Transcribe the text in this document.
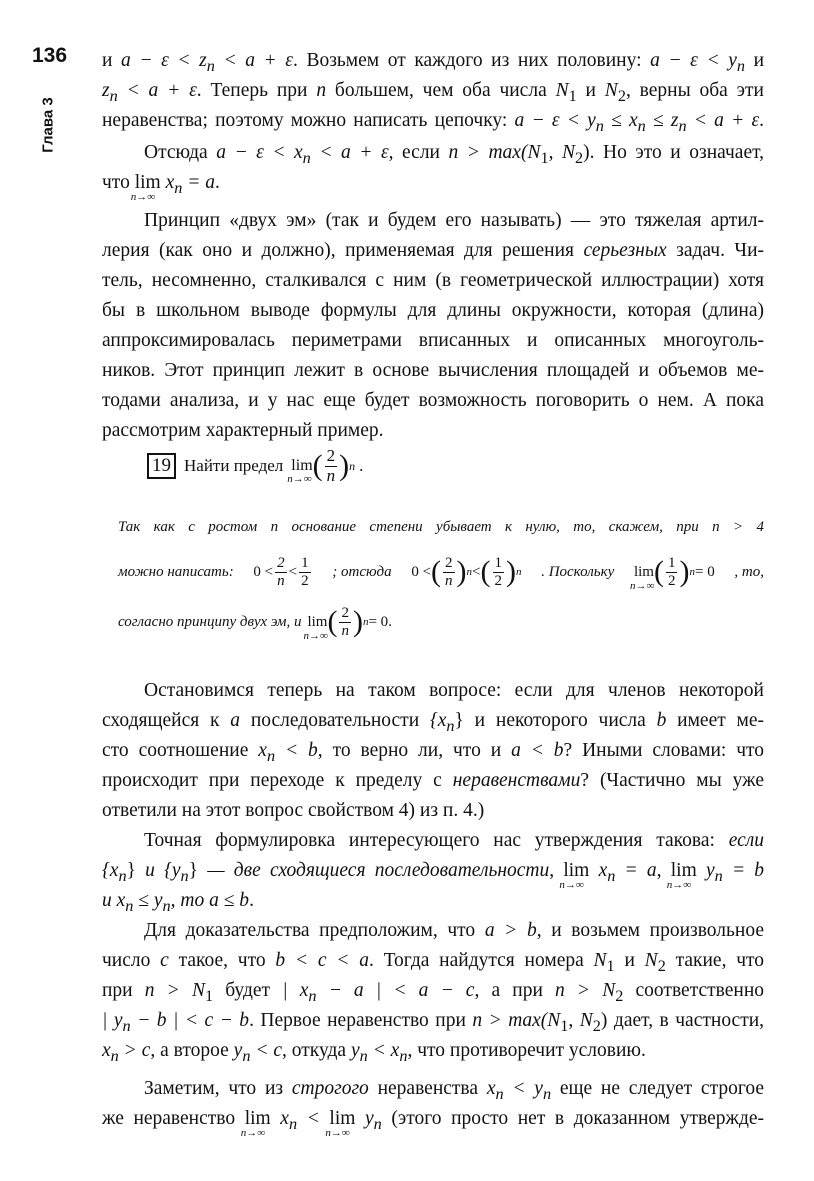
136
Глава 3
и $a - \varepsilon < z_n < a + \varepsilon$. Возьмем от каждого из них половину: $a - \varepsilon < y_n$ и
$z_n < a + \varepsilon$. Теперь при n большем, чем оба числа $N_1$ и $N_2$, верны оба эти
неравенства; поэтому можно написать цепочку: $a - \varepsilon < y_n \le x_n \le z_n < a + \varepsilon$.
Отсюда $a - \varepsilon < x_n < a + \varepsilon$, если $n > \max(N_1$, $N_2$). Но это и означает,
что lim
n→∞
$x_n = a$.
Принцип «двух эм» (так и будем его называть) — это тяжелая артил-
лерия (как оно и должно), применяемая для решения серьезных задач. Чи-
тель, несомненно, сталкивался с ним (в геометрической иллюстрации) хотя
бы в школьном выводе формулы для длины окружности, которая (длина)
аппроксимировалась периметрами вписанных и описанных многоуголь-
ников. Этот принцип лежит в основе вычисления площадей и объемов ме-
тодами анализа, и у нас еще будет возможность поговорить о нем. А пока
рассмотрим характерный пример.
19 Найти предел lim
n→∞ ( $\frac{2}{n}$ ) n .
Так как с ростом n основание степени убывает к нулю, то, скажем, при n > 4
можно написать: $0 < \frac{2}{n} < \frac{1}{2}$ ; отсюда 0 < ( $\frac{2}{n}$ ) n < ( $\frac{1}{2}$ ) n . Поскольку lim
n→∞ ( $\frac{1}{2}$ ) n = 0 , то,
согласно принципу двух эм, и lim
n→∞ ( $\frac{2}{n}$ ) n = 0 .
Остановимся теперь на таком вопросе: если для членов некоторой
сходящейся к a последовательности $\{x_n\}$ и некоторого числа b имеет ме-
сто соотношение $x_n < b$, то верно ли, что и a < b? Иными словами: что
происходит при переходе к пределу с неравенствами? (Частично мы уже
ответили на этот вопрос свойством 4) из п. 4.)
Точная формулировка интересующего нас утверждения такова: если
$\{x_n\}$ и $\{y_n\}$ — две сходящиеся последовательности, lim
n→∞
$x_n = a$, lim
n→∞
$y_n = b$
и $x_n \le y_n$, то a ≤ b.
Для доказательства предположим, что a > b, и возьмем произвольное
число c такое, что b < c < a. Тогда найдутся номера $N_1$ и $N_2$ такие, что
при $n > N_1$ будет | $x_n - a$ | < a − c, а при $n > N_2$ соответственно
| $y_n - b$ | < c − b. Первое неравенство при $n > \max(N_1$, $N_2$) дает, в частности,
$x_n > c$, а второе $y_n < c$, откуда $y_n < x_n$, что противоречит условию.
Заметим, что из строгого неравенства $x_n < y_n$ еще не следует строгое
же неравенство lim
n→∞
$x_n < \lim$
n→∞
$y_n$ (этого просто нет в доказанном утвержде-
